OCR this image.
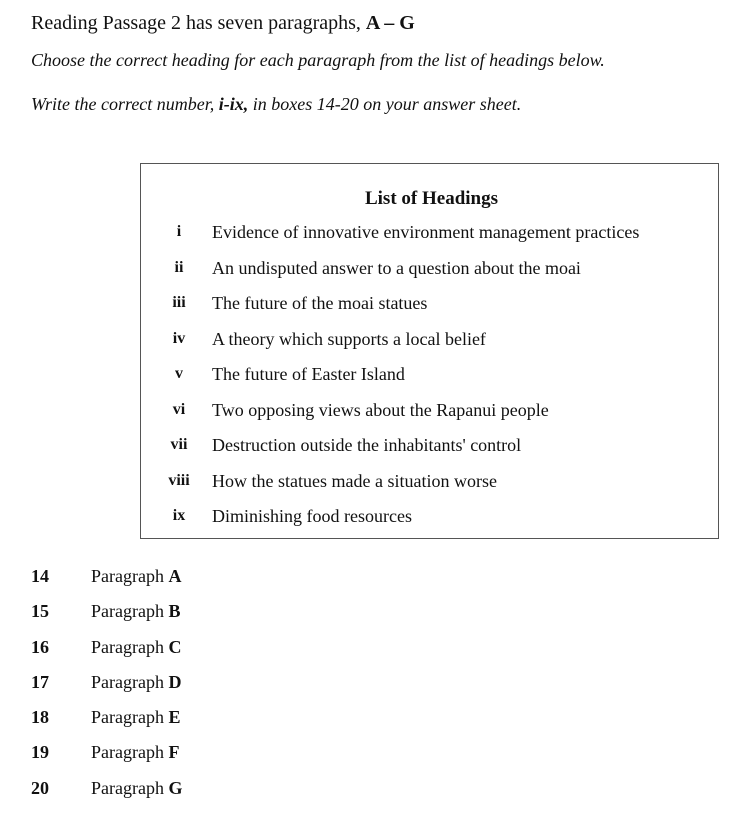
Reading Passage 2 has seven paragraphs, A – G

Choose the correct heading for each paragraph from the list of headings below.

Write the correct number, i-ix, in boxes 14-20 on your answer sheet.

List of Headings
i	Evidence of innovative environment management practices
ii	An undisputed answer to a question about the moai
iii	The future of the moai statues
iv	A theory which supports a local belief
v	The future of Easter Island
vi	Two opposing views about the Rapanui people
vii	Destruction outside the inhabitants' control
viii How the statues made a situation worse
ix	Diminishing food resources
14 Paragraph A
15 Paragraph B
16 Paragraph C
17 Paragraph D
18 Paragraph E
19 Paragraph F
20 Paragraph G
